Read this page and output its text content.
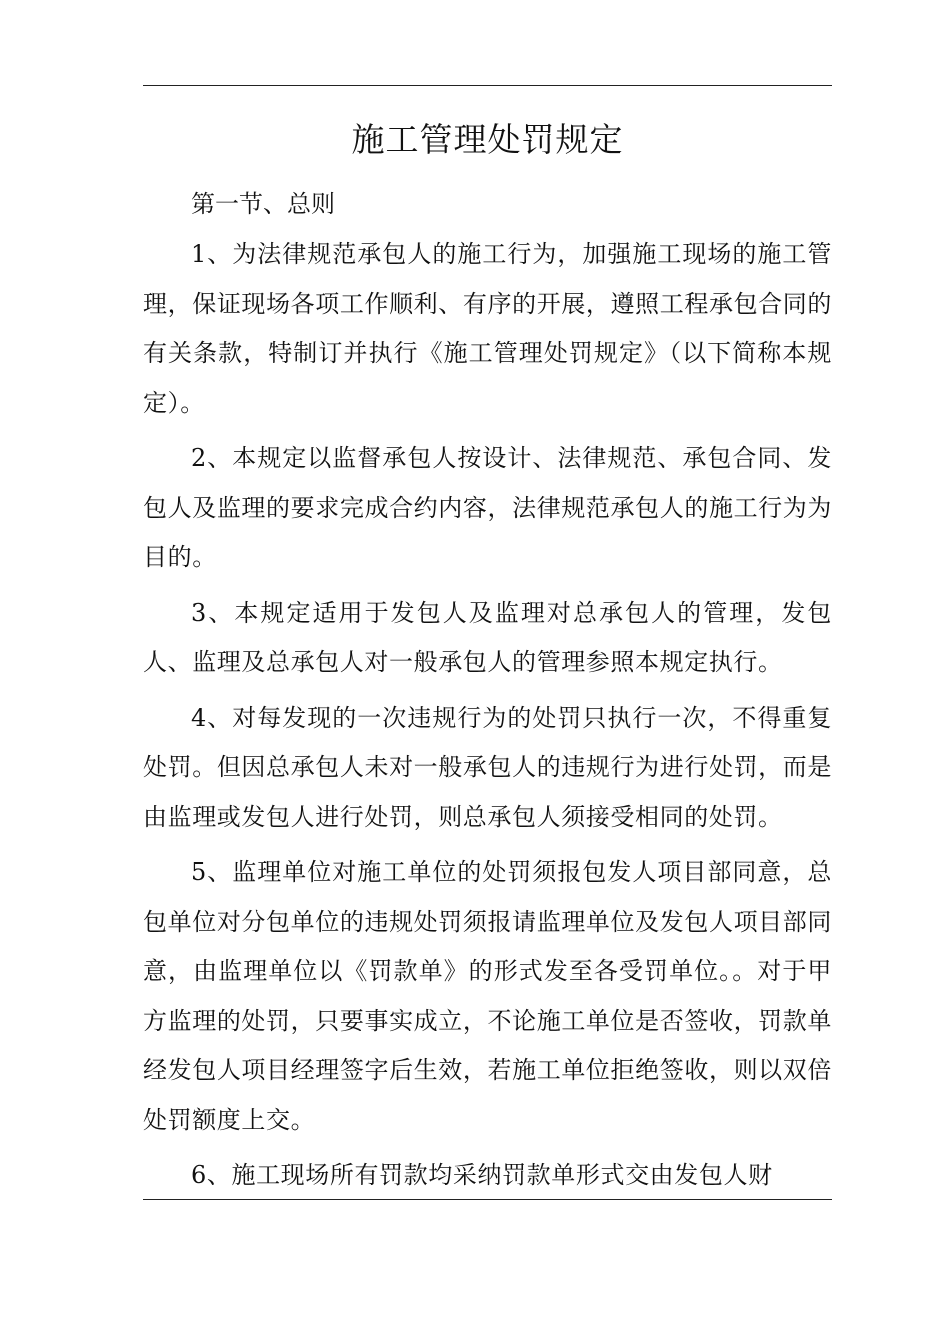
施工管理处罚规定

第一节、总则

1、为法律规范承包人的施工行为，加强施工现场的施工管理，保证现场各项工作顺利、有序的开展，遵照工程承包合同的有关条款，特制订并执行《施工管理处罚规定》（以下简称本规定）。

2、本规定以监督承包人按设计、法律规范、承包合同、发包人及监理的要求完成合约内容，法律规范承包人的施工行为为目的。

3、本规定适用于发包人及监理对总承包人的管理，发包人、监理及总承包人对一般承包人的管理参照本规定执行。

4、对每发现的一次违规行为的处罚只执行一次，不得重复处罚。但因总承包人未对一般承包人的违规行为进行处罚，而是由监理或发包人进行处罚，则总承包人须接受相同的处罚。

5、监理单位对施工单位的处罚须报包发人项目部同意，总包单位对分包单位的违规处罚须报请监理单位及发包人项目部同意，由监理单位以《罚款单》的形式发至各受罚单位。。对于甲方监理的处罚，只要事实成立，不论施工单位是否签收，罚款单经发包人项目经理签字后生效，若施工单位拒绝签收，则以双倍处罚额度上交。

6、施工现场所有罚款均采纳罚款单形式交由发包人财
